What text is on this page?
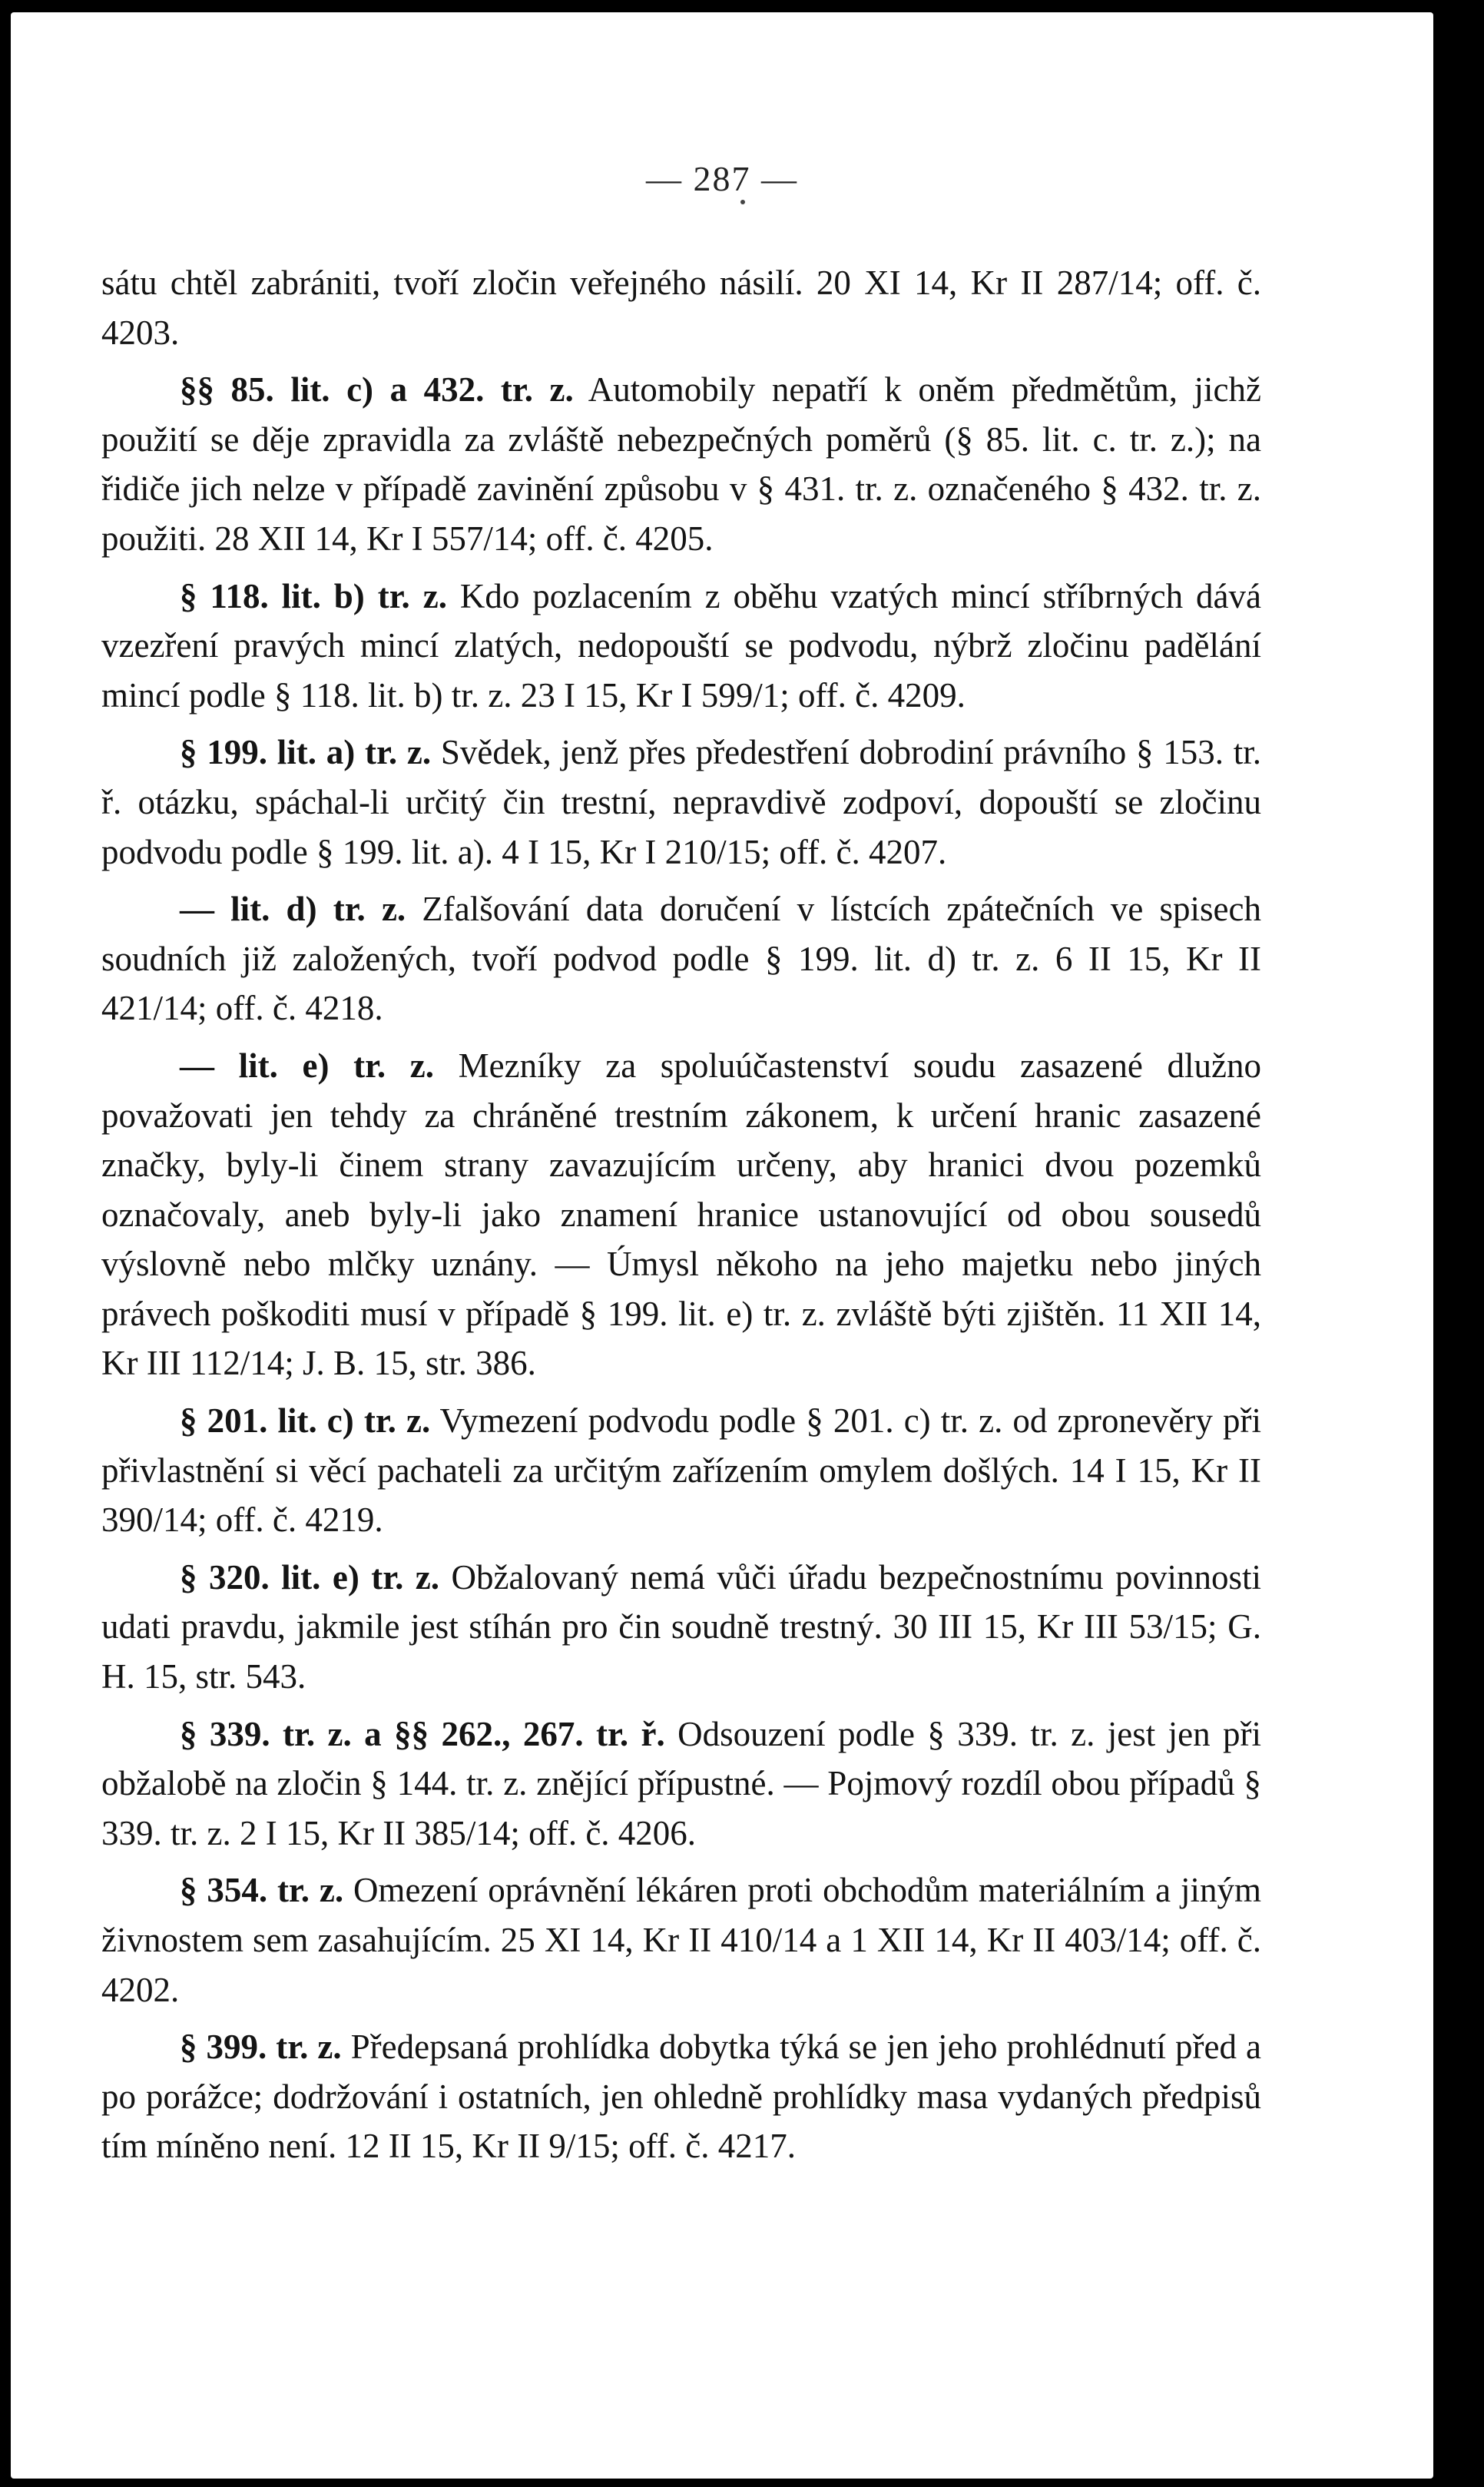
— 287 —

sátu chtěl zabrániti, tvoří zločin veřejného násilí. 20 XI 14, Kr II 287/14; off. č. 4203.

§§ 85. lit. c) a 432. tr. z. Automobily nepatří k oněm předmětům, jichž použití se děje zpravidla za zvláště nebezpečných poměrů (§ 85. lit. c. tr. z.); na řidiče jich nelze v případě zavinění způsobu v § 431. tr. z. označeného § 432. tr. z. použiti. 28 XII 14, Kr I 557/14; off. č. 4205.

§ 118. lit. b) tr. z. Kdo pozlacením z oběhu vzatých mincí stříbrných dává vzezření pravých mincí zlatých, nedopouští se podvodu, nýbrž zločinu padělání mincí podle § 118. lit. b) tr. z. 23 I 15, Kr I 599/1; off. č. 4209.

§ 199. lit. a) tr. z. Svědek, jenž přes předestření dobrodiní právního § 153. tr. ř. otázku, spáchal-li určitý čin trestní, nepravdivě zodpoví, dopouští se zločinu podvodu podle § 199. lit. a). 4 I 15, Kr I 210/15; off. č. 4207.

— lit. d) tr. z. Zfalšování data doručení v lístcích zpátečních ve spisech soudních již založených, tvoří podvod podle § 199. lit. d) tr. z. 6 II 15, Kr II 421/14; off. č. 4218.

— lit. e) tr. z. Mezníky za spoluúčastenství soudu zasazené dlužno považovati jen tehdy za chráněné trestním zákonem, k určení hranic zasazené značky, byly-li činem strany zavazujícím určeny, aby hranici dvou pozemků označovaly, aneb byly-li jako znamení hranice ustanovující od obou sousedů výslovně nebo mlčky uznány. — Úmysl někoho na jeho majetku nebo jiných právech poškoditi musí v případě § 199. lit. e) tr. z. zvláště býti zjištěn. 11 XII 14, Kr III 112/14; J. B. 15, str. 386.

§ 201. lit. c) tr. z. Vymezení podvodu podle § 201. c) tr. z. od zpronevěry při přivlastnění si věcí pachateli za určitým zařízením omylem došlých. 14 I 15, Kr II 390/14; off. č. 4219.

§ 320. lit. e) tr. z. Obžalovaný nemá vůči úřadu bezpečnostnímu povinnosti udati pravdu, jakmile jest stíhán pro čin soudně trestný. 30 III 15, Kr III 53/15; G. H. 15, str. 543.

§ 339. tr. z. a §§ 262., 267. tr. ř. Odsouzení podle § 339. tr. z. jest jen při obžalobě na zločin § 144. tr. z. znějící přípustné. — Pojmový rozdíl obou případů § 339. tr. z. 2 I 15, Kr II 385/14; off. č. 4206.

§ 354. tr. z. Omezení oprávnění lékáren proti obchodům materiálním a jiným živnostem sem zasahujícím. 25 XI 14, Kr II 410/14 a 1 XII 14, Kr II 403/14; off. č. 4202.

§ 399. tr. z. Předepsaná prohlídka dobytka týká se jen jeho prohlédnutí před a po porážce; dodržování i ostatních, jen ohledně prohlídky masa vydaných předpisů tím míněno není. 12 II 15, Kr II 9/15; off. č. 4217.
